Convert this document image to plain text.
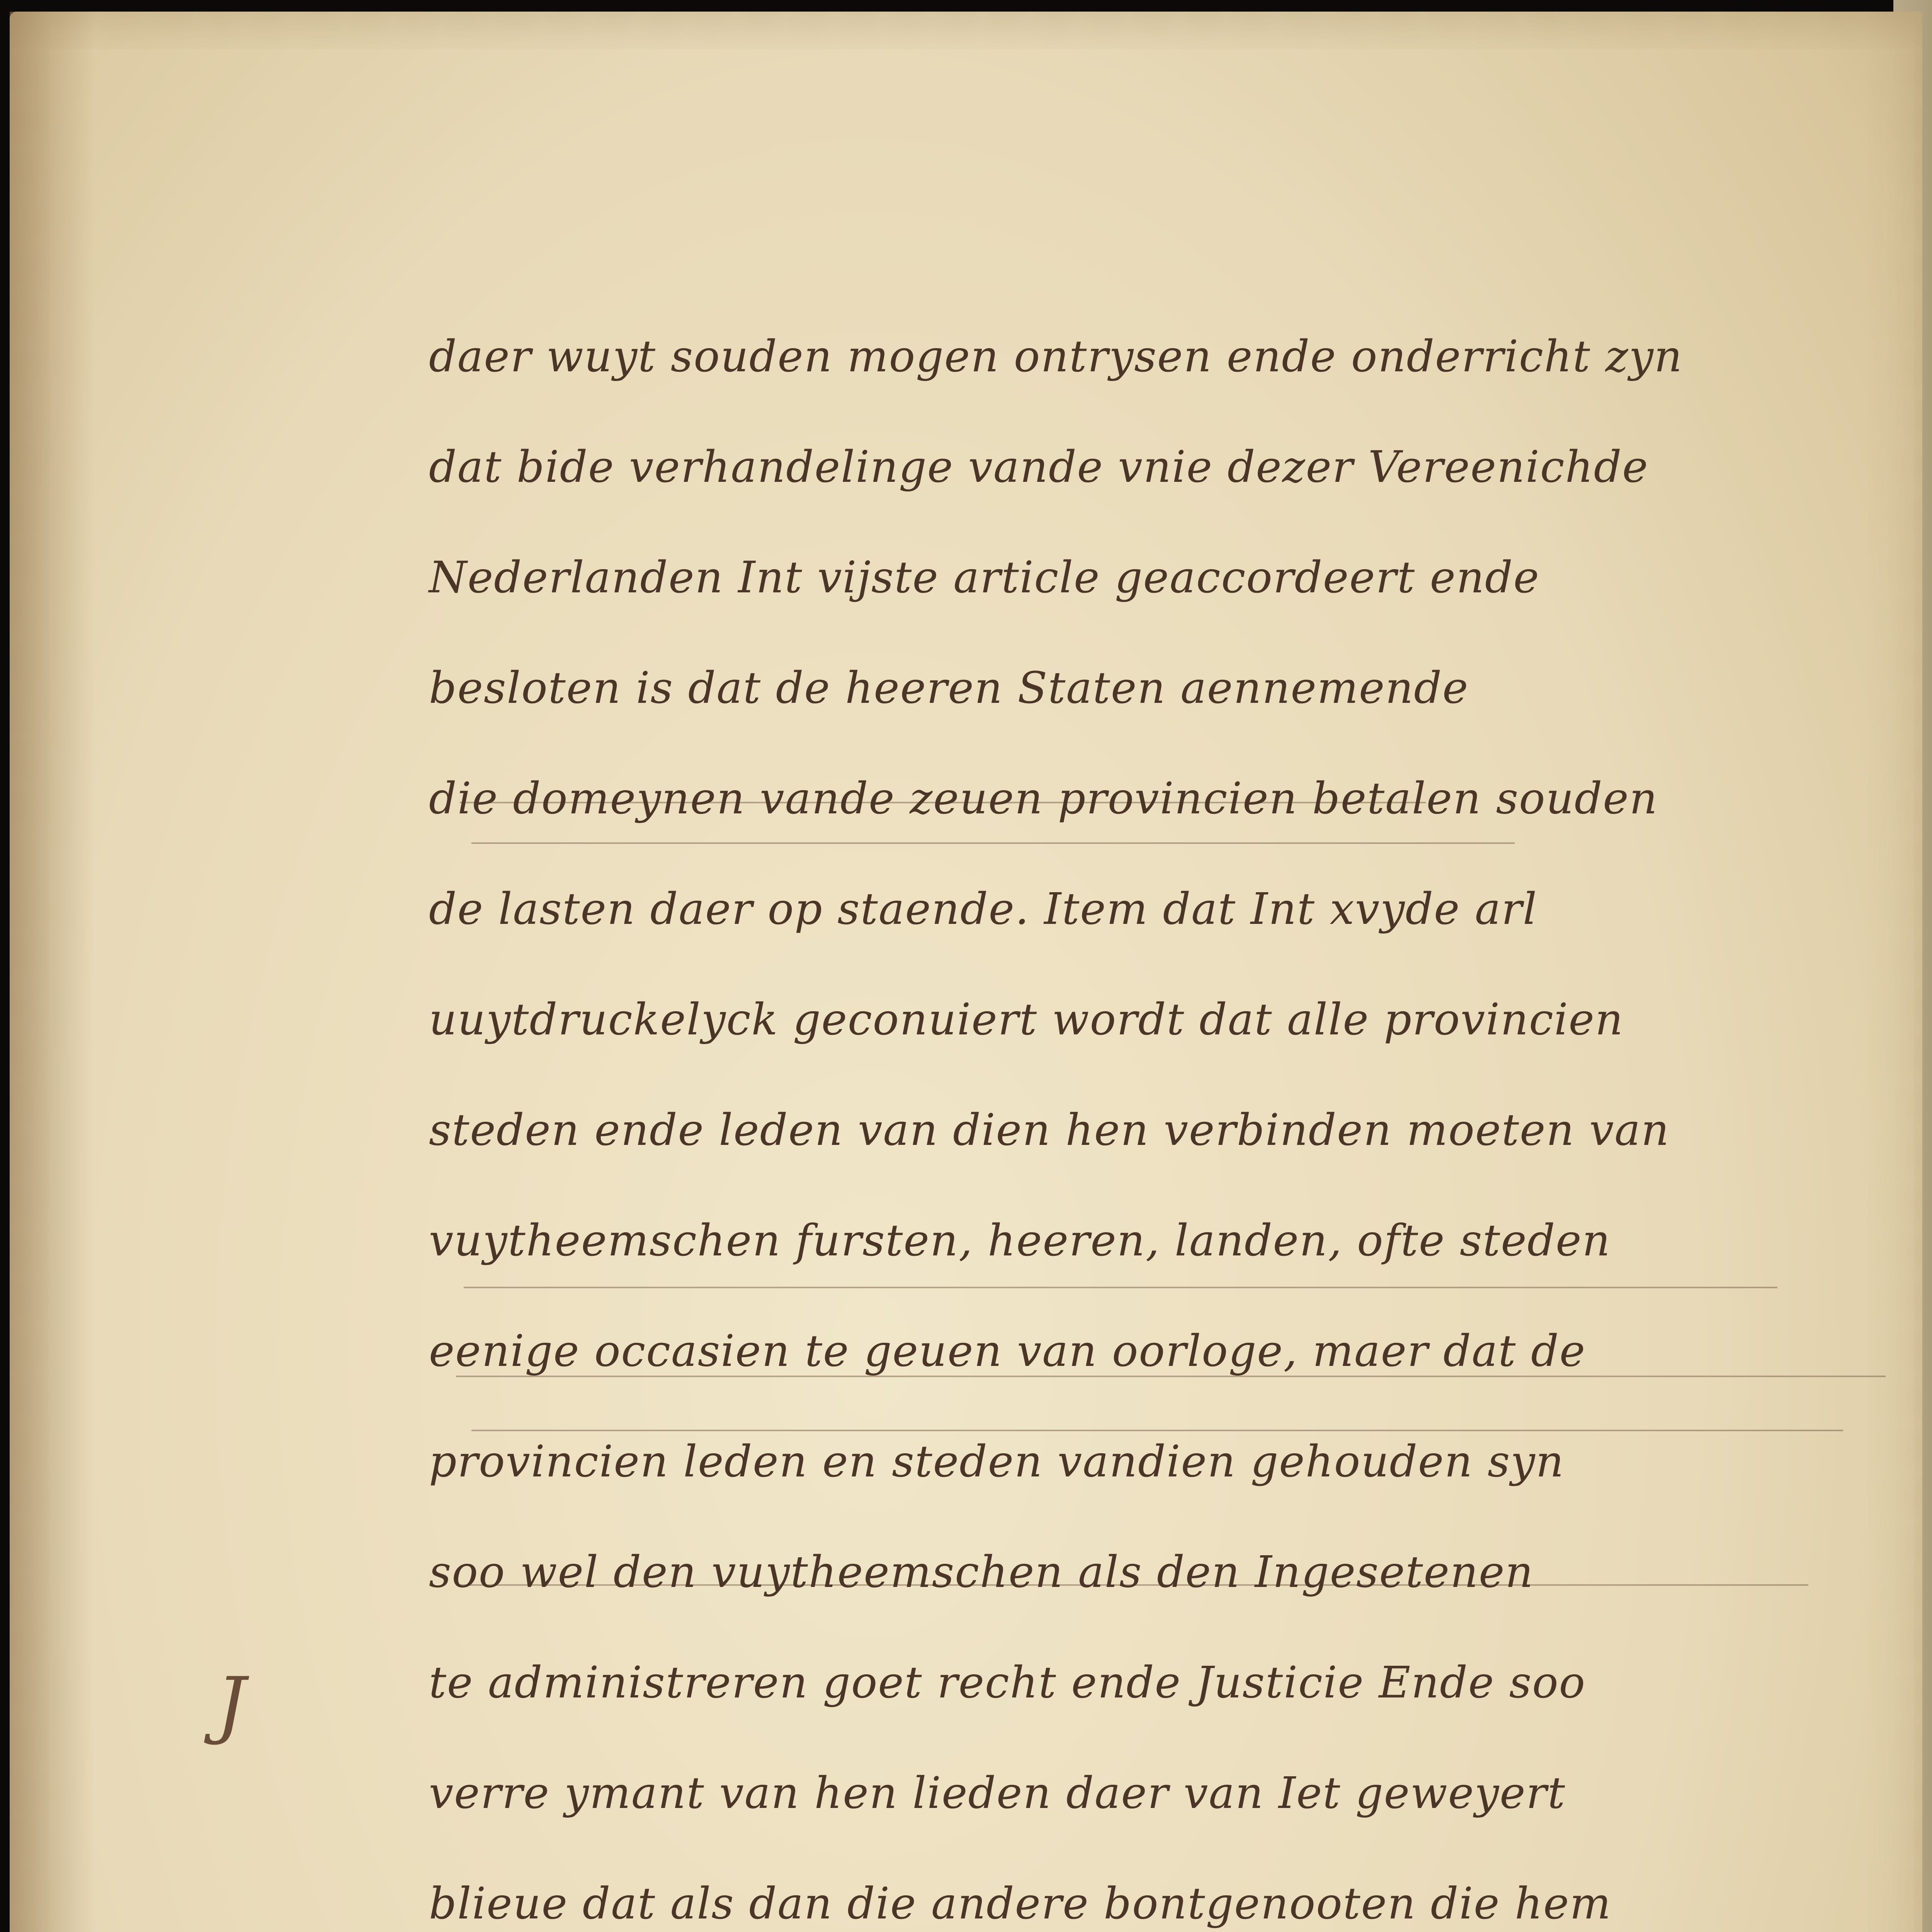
daer wuyt souden mogen ontrysen ende onderricht zyn
dat bide verhandelinge vande vnie dezer Vereenichde
Nederlanden Int vijste article geaccordeert ende
besloten is dat de heeren Staten aennemende
die domeynen vande zeuen provincien betalen souden
de lasten daer op staende. Item dat Int xvyde arl
uuytdruckelyck geconuiert wordt dat alle provincien
steden ende leden van dien hen verbinden moeten van
vuytheemschen fursten, heeren, landen, ofte steden
eenige occasien te geuen van oorloge, maer dat de
provincien leden en steden vandien gehouden syn
soo wel den vuytheemschen als den Ingesetenen
te administreren goet recht ende Justicie Ende soo
verre ymant van hen lieden daer van Iet geweyert
blieue dat als dan die andere bontgenooten die hem
J
